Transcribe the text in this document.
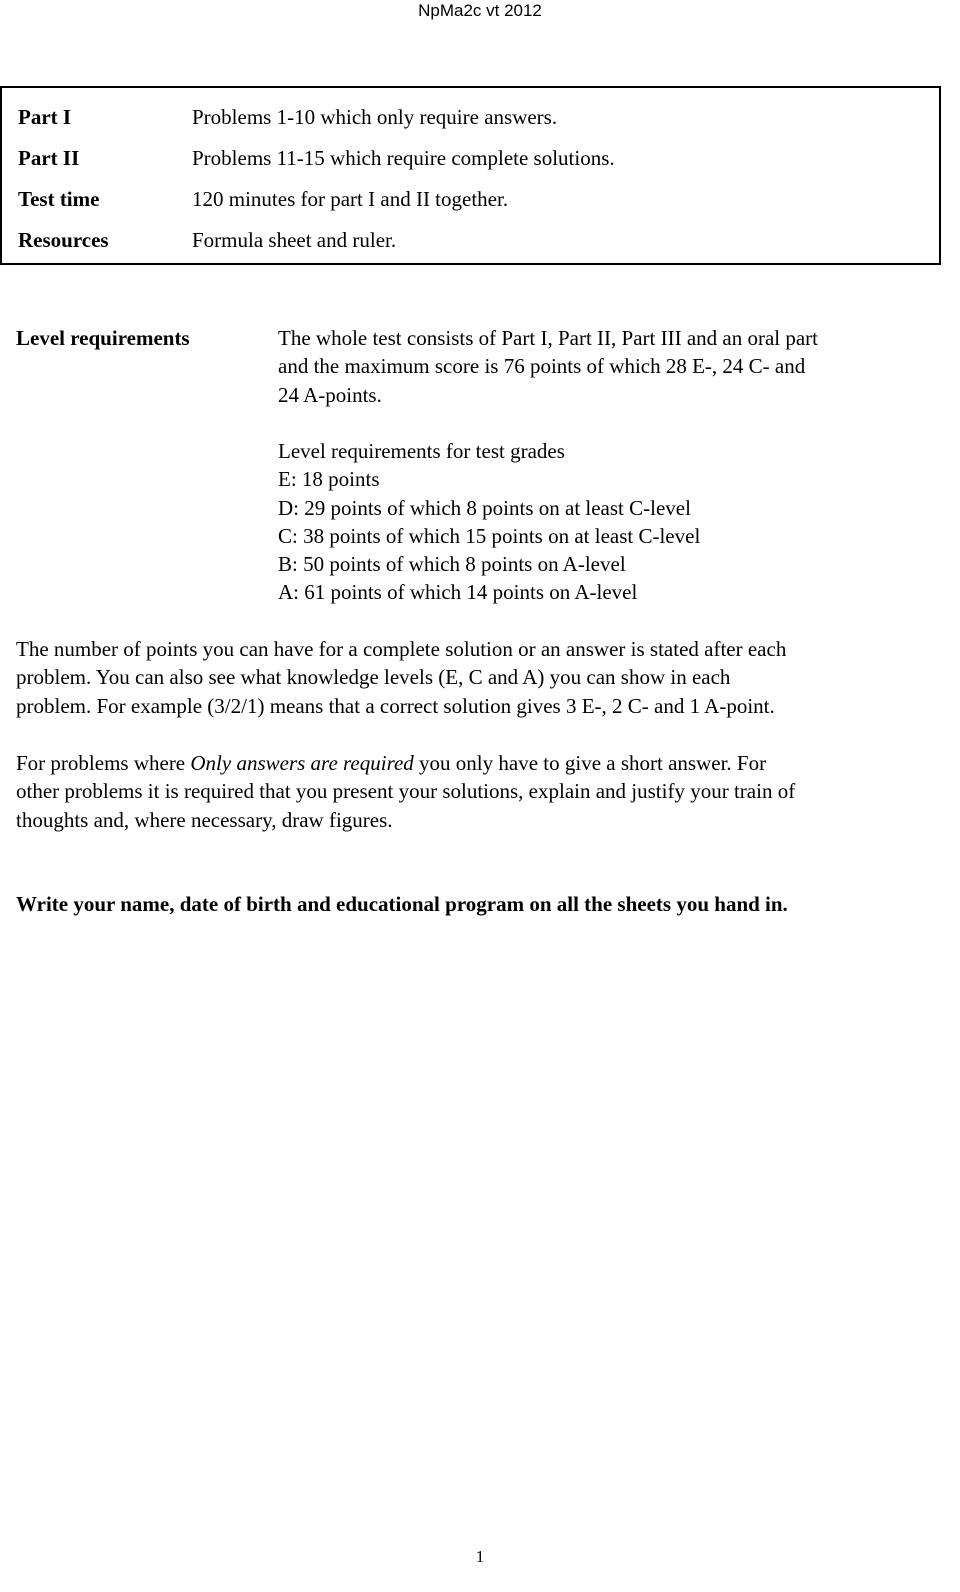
NpMa2c vt 2012
Part I	Problems 1-10 which only require answers.
Part II	Problems 11-15 which require complete solutions.
Test time	120 minutes for part I and II together.
Resources	Formula sheet and ruler.
Level requirements	The whole test consists of Part I, Part II, Part III and an oral part
and the maximum score is 76 points of which 28 E-, 24 C- and
24 A-points.
Level requirements for test grades
E: 18 points
D: 29 points of which 8 points on at least C-level
C: 38 points of which 15 points on at least C-level
B: 50 points of which 8 points on A-level
A: 61 points of which 14 points on A-level
The number of points you can have for a complete solution or an answer is stated after each
problem. You can also see what knowledge levels (E, C and A) you can show in each
problem. For example (3/2/1) means that a correct solution gives 3 E-, 2 C- and 1 A-point.
For problems where Only answers are required you only have to give a short answer. For
other problems it is required that you present your solutions, explain and justify your train of
thoughts and, where necessary, draw figures.
Write your name, date of birth and educational program on all the sheets you hand in.
1
